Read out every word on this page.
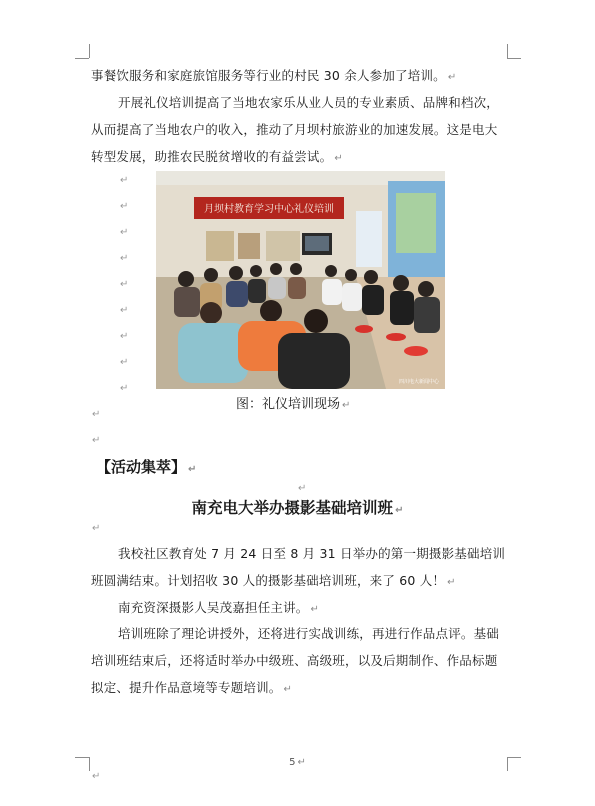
事餐饮服务和家庭旅馆服务等行业的村民 30 余人参加了培训。 ↵
开展礼仪培训提高了当地农家乐从业人员的专业素质、品牌和档次，从而提高了当地农户的收入，推动了月坝村旅游业的加速发展。这是电大转型发展，助推农民脱贫增收的有益尝试。 ↵
↵
↵
↵
↵
↵
↵
↵
↵
↵
月坝村教育学习中心礼仪培训
四川电大新闻中心
图：礼仪培训现场 ↵
↵
↵
【活动集萃】 ↵
↵
南充电大举办摄影基础培训班 ↵
↵
我校社区教育处 7 月 24 日至 8 月 31 日举办的第一期摄影基础培训班圆满结束。计划招收 30 人的摄影基础培训班，来了 60 人！ ↵
南充资深摄影人吴茂嘉担任主讲。 ↵
培训班除了理论讲授外，还将进行实战训练，再进行作品点评。基础培训班结束后，还将适时举办中级班、高级班，以及后期制作、作品标题拟定、提升作品意境等专题培训。 ↵
5 ↵
↵
